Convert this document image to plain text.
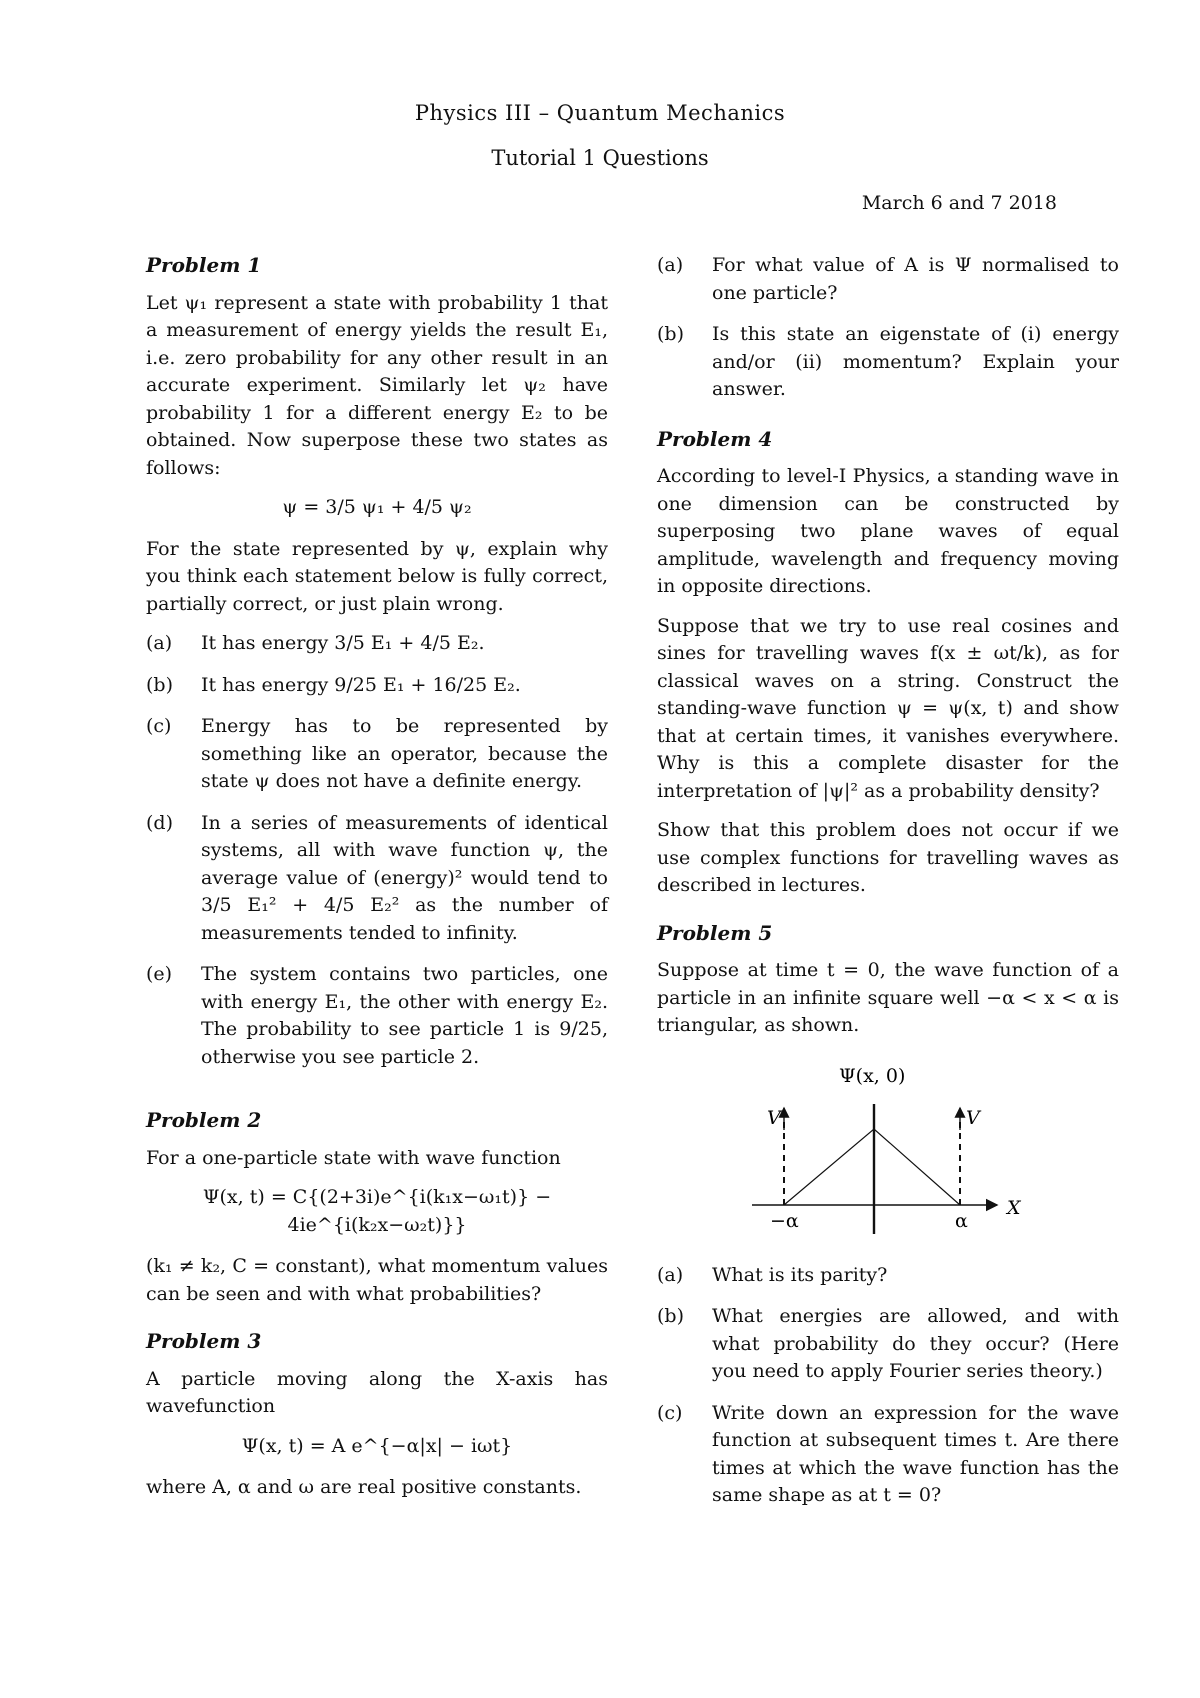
Physics III – Quantum Mechanics
Tutorial 1 Questions
March 6 and 7 2018
Problem 1

Let ψ₁ represent a state with probability 1 that a measurement of energy yields the result E₁, i.e. zero probability for any other result in an accurate experiment. Similarly let ψ₂ have probability 1 for a different energy E₂ to be obtained. Now superpose these two states as follows:

ψ = 3/5 ψ₁ + 4/5 ψ₂

For the state represented by ψ, explain why you think each statement below is fully correct, partially correct, or just plain wrong.

(a)	It has energy 3/5 E₁ + 4/5 E₂.
(b)	It has energy 9/25 E₁ + 16/25 E₂.
(c)	Energy has to be represented by something like an operator, because the state ψ does not have a definite energy.
(d)	In a series of measurements of identical systems, all with wave function ψ, the average value of (energy)² would tend to 3/5 E₁² + 4/5 E₂² as the number of measurements tended to infinity.
(e)	The system contains two particles, one with energy E₁, the other with energy E₂. The probability to see particle 1 is 9/25, otherwise you see particle 2.
Problem 2

For a one-particle state with wave function

Ψ(x, t) = C{(2+3i)e^{i(k₁x−ω₁t)} − 4ie^{i(k₂x−ω₂t)}}

(k₁ ≠ k₂, C = constant), what momentum values can be seen and with what probabilities?

Problem 3

A particle moving along the X-axis has wavefunction

Ψ(x, t) = A e^{−α|x| − iωt}

where A, α and ω are real positive constants.

(a)	For what value of A is Ψ normalised to one particle?
(b)	Is this state an eigenstate of (i) energy and/or (ii) momentum? Explain your answer.
Problem 4

According to level-I Physics, a standing wave in one dimension can be constructed by superposing two plane waves of equal amplitude, wavelength and frequency moving in opposite directions.

Suppose that we try to use real cosines and sines for travelling waves f(x ± ωt/k), as for classical waves on a string. Construct the standing-wave function ψ = ψ(x, t) and show that at certain times, it vanishes everywhere. Why is this a complete disaster for the interpretation of |ψ|² as a probability density?

Show that this problem does not occur if we use complex functions for travelling waves as described in lectures.

Problem 5

Suppose at time t = 0, the wave function of a particle in an infinite square well −α < x < α is triangular, as shown.

Ψ(x, 0)
X
V	V
−α	α
(a)	What is its parity?
(b)	What energies are allowed, and with what probability do they occur? (Here you need to apply Fourier series theory.)
(c)	Write down an expression for the wave function at subsequent times t. Are there times at which the wave function has the same shape as at t = 0?
